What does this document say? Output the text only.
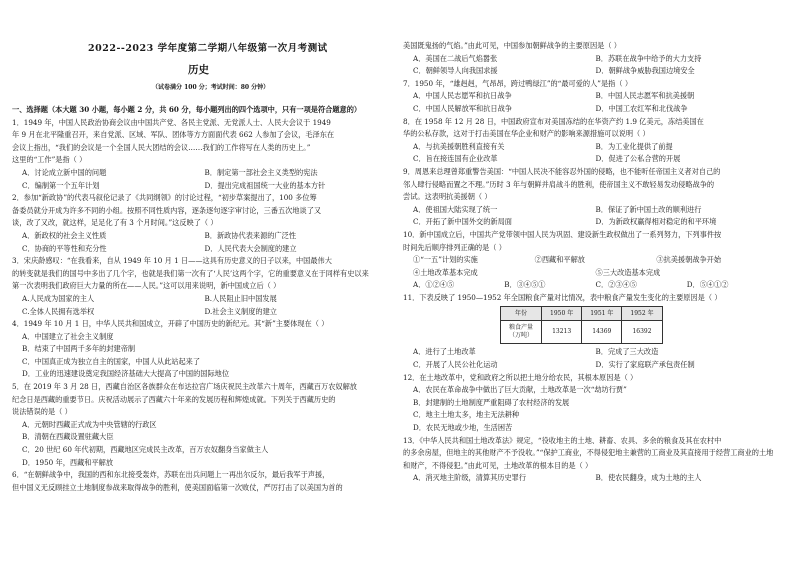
2022--2023 学年度第二学期八年级第一次月考测试
历史
（试卷满分 100 分；考试时间：80 分钟）

一、选择题（本大题 30 小题，每小题 2 分，共 60 分，每小题列出的四个选项中，只有一项是符合题意的）

1．1949 年，中国人民政治协商会议由中国共产党、各民主党派、无党派人士、人民大会议于 1949
年 9 月在北平隆重召开，来自党派、区域、军队、团体等方方面面代表 662 人参加了会议，毛泽东在
会议上指出，“我们的会议是一个全国人民大团结的会议……我们的工作将写在人类的历史上。”
这里的“工作”是指（ ）
A．讨论成立新中国的问题	B．制定第一部社会主义类型的宪法
C．编制第一个五年计划	D．提出完成祖国统一大业的基本方针
2．参加“新政协”的代表马叙伦记录了《共同纲领》的讨论过程，“初步草案提出了，100 多位筹
备委员就分开成为许多不同的小组。按照不同性质内容，逐条逐句逐字审讨论，三番五次地谈了又
谈，改了又改，就这样，足足化了有 3 个月时间。”这反映了（ ）
A．新政权的社会主义性质	B．新政协代表来源的广泛性
C．协商的平等性和充分性	D．人民代表大会制度的建立
3．宋庆龄感叹：“在我看来，自从 1949 年 10 月 1 日——这具有历史意义的日子以来，中国最伟大
的转变就是我们的国号中多出了几个字，也就是我们第一次有了‘人民’这两个字，它的重要意义在于同样有史以来
第一次表明我们政府巨大力量的所在——人民。”这可以用来说明，新中国成立后（ ）
A.人民成为国家的主人	B.人民阻止旧中国发展
C.全体人民拥有选举权	D.社会主义制度的建立
4．1949 年 10 月 1 日，中华人民共和国成立，开辟了中国历史的新纪元。其“新”主要体现在（ ）
A．中国建立了社会主义制度
B．结束了中国两千多年的封建帝制
C．中国真正成为独立自主的国家，中国人从此站起来了
D．工业的迅速建设奠定我国经济基础大大提高了中国的国际地位
5．在 2019 年 3 月 28 日，西藏自治区各族群众在布达拉宫广场庆祝民主改革六十周年，西藏百万农奴解放
纪念日是西藏的重要节日。庆祝活动展示了西藏六十年来的发展历程和辉煌成就。下列关于西藏历史的
说法错误的是（ ）
A．元朝时西藏正式成为中央管辖的行政区
B．清朝在西藏设置驻藏大臣
C．20 世纪 60 年代初期，西藏地区完成民主改革，百万农奴翻身当家做主人
D．1950 年，西藏和平解放
6．“在朝鲜战争中，我国的西和东北接受轰炸，苏联在出兵问题上一再出尔反尔，最后我军于声援，
但中国义无反顾挂立土地制度参战来取得战争的胜利，使美国面临第一次败仗，严厉打击了以美国为首的
美国既鬼扬的气焰。”由此可见，中国参加朝鲜战争的主要原因是（ ）
A．美国在二战后气焰嚣张	B．苏联在战争中给予的大力支持
C．朝鲜领导人向我国求援	D．朝鲜战争威胁我国边境安全
7．1950 年，“雄赳赳，气昂昂，跨过鸭绿江”的“最可爱的人”是指（ ）
A．中国人民志愿军和抗日战争	B．中国人民志愿军和抗美援朝
C．中国人民解放军和抗日战争	D．中国工农红军和北伐战争
8．在 1958 年 12 月 28 日，中国政府宣布对美国冻结的在华资产约 1.9 亿美元，冻结美国在
华的公私存款，这对于打击美国在华企业和财产的影响来源措施可以说明（ ）
A．与抗美援朝胜利直接有关	B．为工业化提供了前提
C．旨在接连国有企业改革	D．促进了公私合营的开展
9．周恩来总理曾郑重警告美国：“中国人民决不能容忍外国的侵略，也不能听任帝国主义者对自己的
邻人肆行侵略而置之不理。”历时 3 年与朝鲜并肩战斗的胜利，使帝国主义不敢轻易发动侵略战争的
尝试。这表明抗美援朝（ ）
A．使祖国大陆实现了统一	B．保证了新中国土改的顺利进行
C．开拓了新中国外交的新局面	D．为新政权赢得相对稳定的和平环境
10．新中国成立后，中国共产党带领中国人民为巩固、建设新生政权做出了一系列努力，下列事件按
时间先后顺序排列正确的是（ ）
①“一五”计划的实施	②西藏和平解放	③抗美援朝战争开始
④土地改革基本完成	⑤三大改造基本完成
A．①②④⑤	B．③④⑤①	C．②③④⑤	D．⑤④①②
11．下表反映了 1950—1952 年全国粮食产量对比情况，表中粮食产量发生变化的主要原因是（ ）
年份	1950 年	1951 年	1952 年
粮食产量
（万吨）	13213	14369	16392
A．进行了土地改革	B．完成了三大改造
C．开展了人民公社化运动	D．实行了家庭联产承包责任制
12．在土地改革中，党和政府之所以把土地分给农民，其根本原因是（ ）
A．农民在革命战争中做出了巨大贡献，土地改革是一次“劫坊行贾”
B．封建制的土地制度严重阻碍了农村经济的发展
C．地主土地太多，地主无法耕种
D．农民无地或少地，生活困苦
13．《中华人民共和国土地改革法》规定，“役收地主的土地、耕畜、农具、多余的粮食及其在农村中
的多余房屋，但地主的其他财产不予没收。”“保护工商业，不得侵犯地主兼营的工商业及其直接用于经营工商业的土地
和财产，不得侵犯。”由此可见，土地改革的根本目的是（ ）
A．消灭地主阶级，清算其历史罪行	B．使农民翻身，成为土地的主人
